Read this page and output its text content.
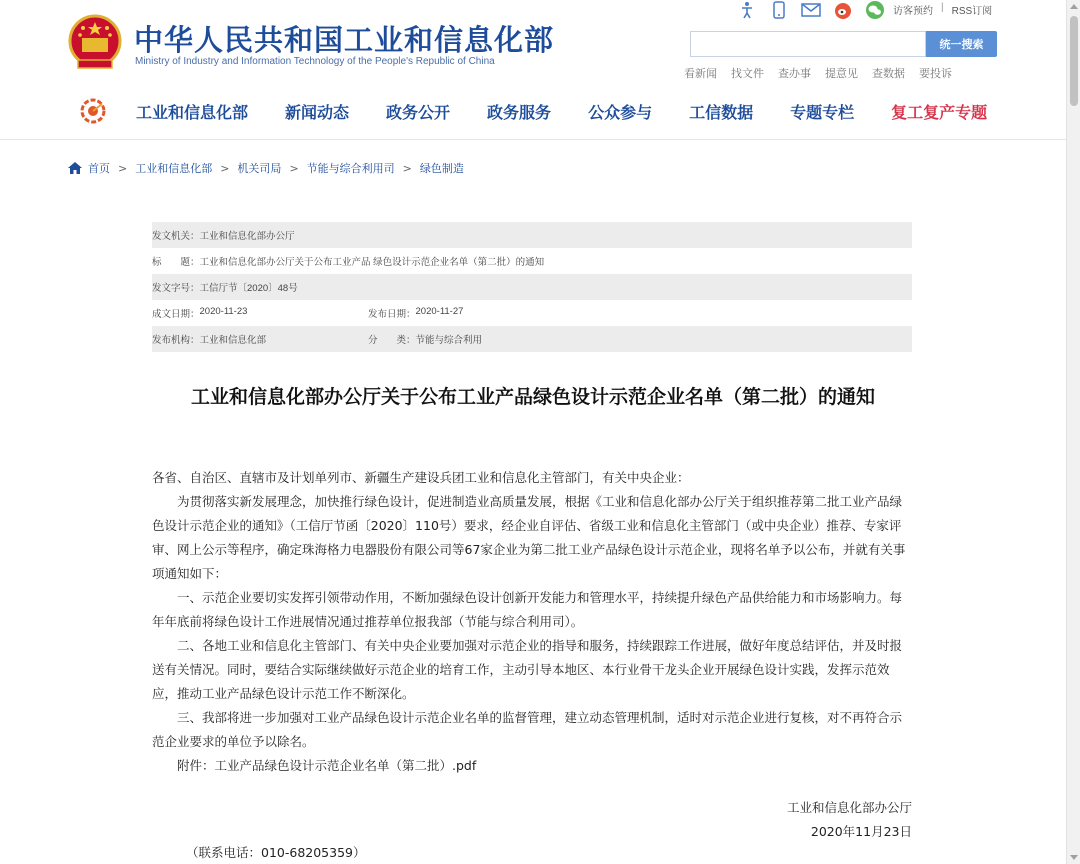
中华人民共和国工业和信息化部
Ministry of Industry and Information Technology of the People's Republic of China
访客预约 | RSS订阅
统一搜索
看新闻 找文件 查办事 提意见 查数据 要投诉
工业和信息化部 新闻动态 政务公开 政务服务 公众参与 工信数据 专题专栏 复工复产专题
首页 > 工业和信息化部 > 机关司局 > 节能与综合利用司 > 绿色制造
发文机关： 工业和信息化部办公厅
标　　题： 工业和信息化部办公厅关于公布工业产品 绿色设计示范企业名单（第二批）的通知
发文字号： 工信厅节〔2020〕48号
成文日期： 2020-11-23	发布日期： 2020-11-27
发布机构： 工业和信息化部	分　　类： 节能与综合利用
工业和信息化部办公厅关于公布工业产品绿色设计示范企业名单（第二批）的通知

各省、自治区、直辖市及计划单列市、新疆生产建设兵团工业和信息化主管部门，有关中央企业：

为贯彻落实新发展理念，加快推行绿色设计，促进制造业高质量发展，根据《工业和信息化部办公厅关于组织推荐第二批工业产品绿色设计示范企业的通知》（工信厅节函〔2020〕110号）要求，经企业自评估、省级工业和信息化主管部门（或中央企业）推荐、专家评审、网上公示等程序，确定珠海格力电器股份有限公司等67家企业为第二批工业产品绿色设计示范企业，现将名单予以公布，并就有关事项通知如下：

一、示范企业要切实发挥引领带动作用，不断加强绿色设计创新开发能力和管理水平，持续提升绿色产品供给能力和市场影响力。每年年底前将绿色设计工作进展情况通过推荐单位报我部（节能与综合利用司）。

二、各地工业和信息化主管部门、有关中央企业要加强对示范企业的指导和服务，持续跟踪工作进展，做好年度总结评估，并及时报送有关情况。同时，要结合实际继续做好示范企业的培育工作，主动引导本地区、本行业骨干龙头企业开展绿色设计实践，发挥示范效应，推动工业产品绿色设计示范工作不断深化。

三、我部将进一步加强对工业产品绿色设计示范企业名单的监督管理，建立动态管理机制，适时对示范企业进行复核，对不再符合示范企业要求的单位予以除名。

附件：工业产品绿色设计示范企业名单（第二批）.pdf

工业和信息化部办公厅
2020年11月23日
（联系电话：010-68205359）
